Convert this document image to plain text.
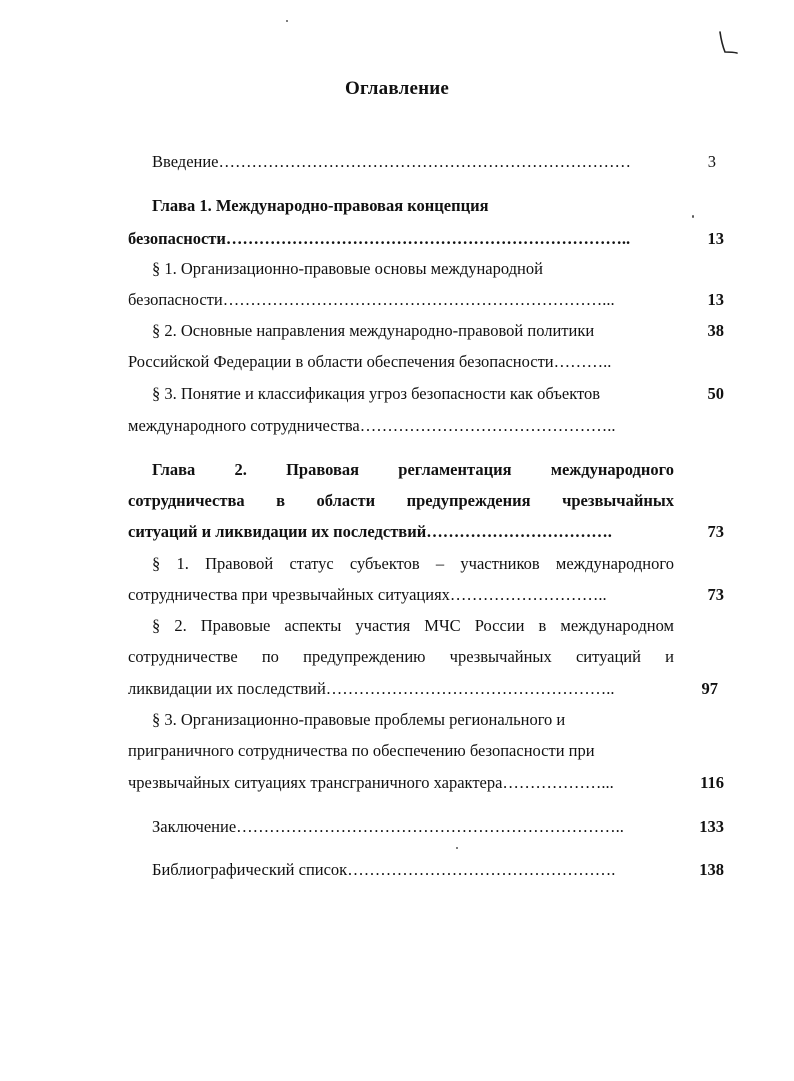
Оглавление
Введение…………………………………………………………………	3
Глава 1. Международно-правовая концепция
безопасности………………………………………………………………..	13
§ 1. Организационно-правовые основы международной
безопасности……………………………………………………………...	13
§ 2. Основные направления международно-правовой политики	38
Российской Федерации в области обеспечения безопасности………..
§ 3. Понятие и классификация угроз безопасности как объектов	50
международного сотрудничества………………………………………..
Глава 2. Правовая регламентация международного
сотрудничества в области предупреждения чрезвычайных
ситуаций и ликвидации их последствий…………………………….	73
§ 1. Правовой статус субъектов – участников международного
сотрудничества при чрезвычайных ситуациях………………………..	73
§ 2. Правовые аспекты участия МЧС России в международном
сотрудничестве по предупреждению чрезвычайных ситуаций и
ликвидации их последствий……………………………………………..	97
§ 3. Организационно-правовые проблемы регионального и
приграничного сотрудничества по обеспечению безопасности при
чрезвычайных ситуациях трансграничного характера………………...	116
Заключение……………………………………………………………..	133
Библиографический список………………………………………….	138
